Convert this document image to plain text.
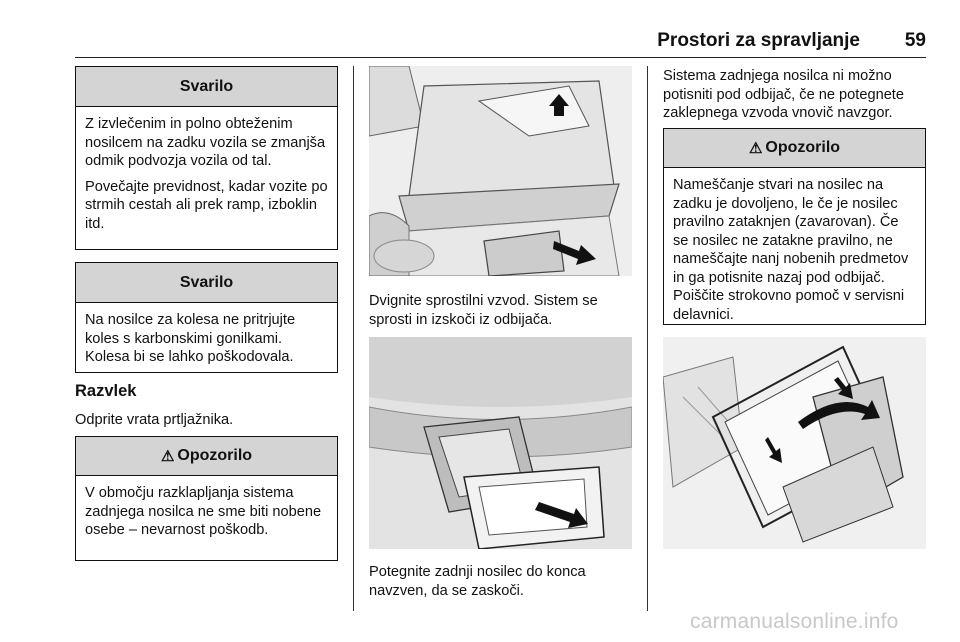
Prostori za spravljanje	59
Svarilo

Z izvlečenim in polno obteženim nosilcem na zadku vozila se zmanjša odmik podvozja vozila od tal.

Povečajte previdnost, kadar vozite po strmih cestah ali prek ramp, izboklin itd.

Svarilo

Na nosilce za kolesa ne pritrjujte koles s karbonskimi gonilkami. Kolesa bi se lahko poškodovala.

Razvlek
Odprite vrata prtljažnika.
⚠ Opozorilo

V območju razklapljanja sistema zadnjega nosilca ne sme biti nobene osebe – nevarnost poškodb.

Dvignite sprostilni vzvod. Sistem se sprosti in izskoči iz odbijača.
Potegnite zadnji nosilec do konca navzven, da se zaskoči.
Sistema zadnjega nosilca ni možno potisniti pod odbijač, če ne potegnete zaklepnega vzvoda vnovič navzgor.
⚠ Opozorilo

Nameščanje stvari na nosilec na zadku je dovoljeno, le če je nosilec pravilno zataknjen (zavarovan). Če se nosilec ne zatakne pravilno, ne nameščajte nanj nobenih predmetov in ga potisnite nazaj pod odbijač. Poiščite strokovno pomoč v servisni delavnici.

carmanualsonline.info
